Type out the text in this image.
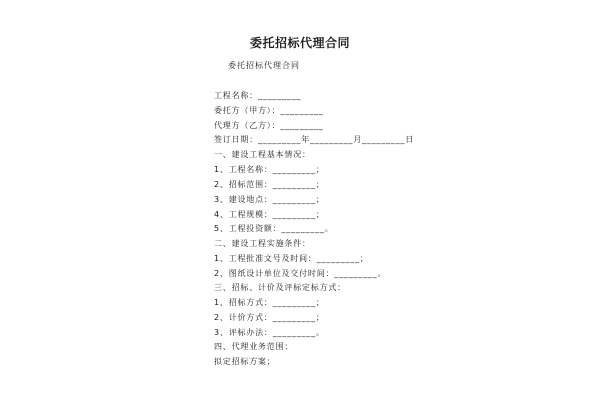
委托招标代理合同
委托招标代理合同
工程名称：_________
委托方（甲方）：_________
代理方（乙方）：_________
签订日期：_________年_________月_________日
一、建设工程基本情况：
1、工程名称：_________；
2、招标范围：_________；
3、建设地点：_________；
4、工程规模：_________；
5、工程投资额：_________。
二、建设工程实施条件：
1、工程批准文号及时间：_________；
2、图纸设计单位及交付时间：_________。
三、招标、计价及评标定标方式：
1、招标方式：_________；
2、计价方式：_________；
3、评标办法：_________。
四、代理业务范围：
拟定招标方案；
